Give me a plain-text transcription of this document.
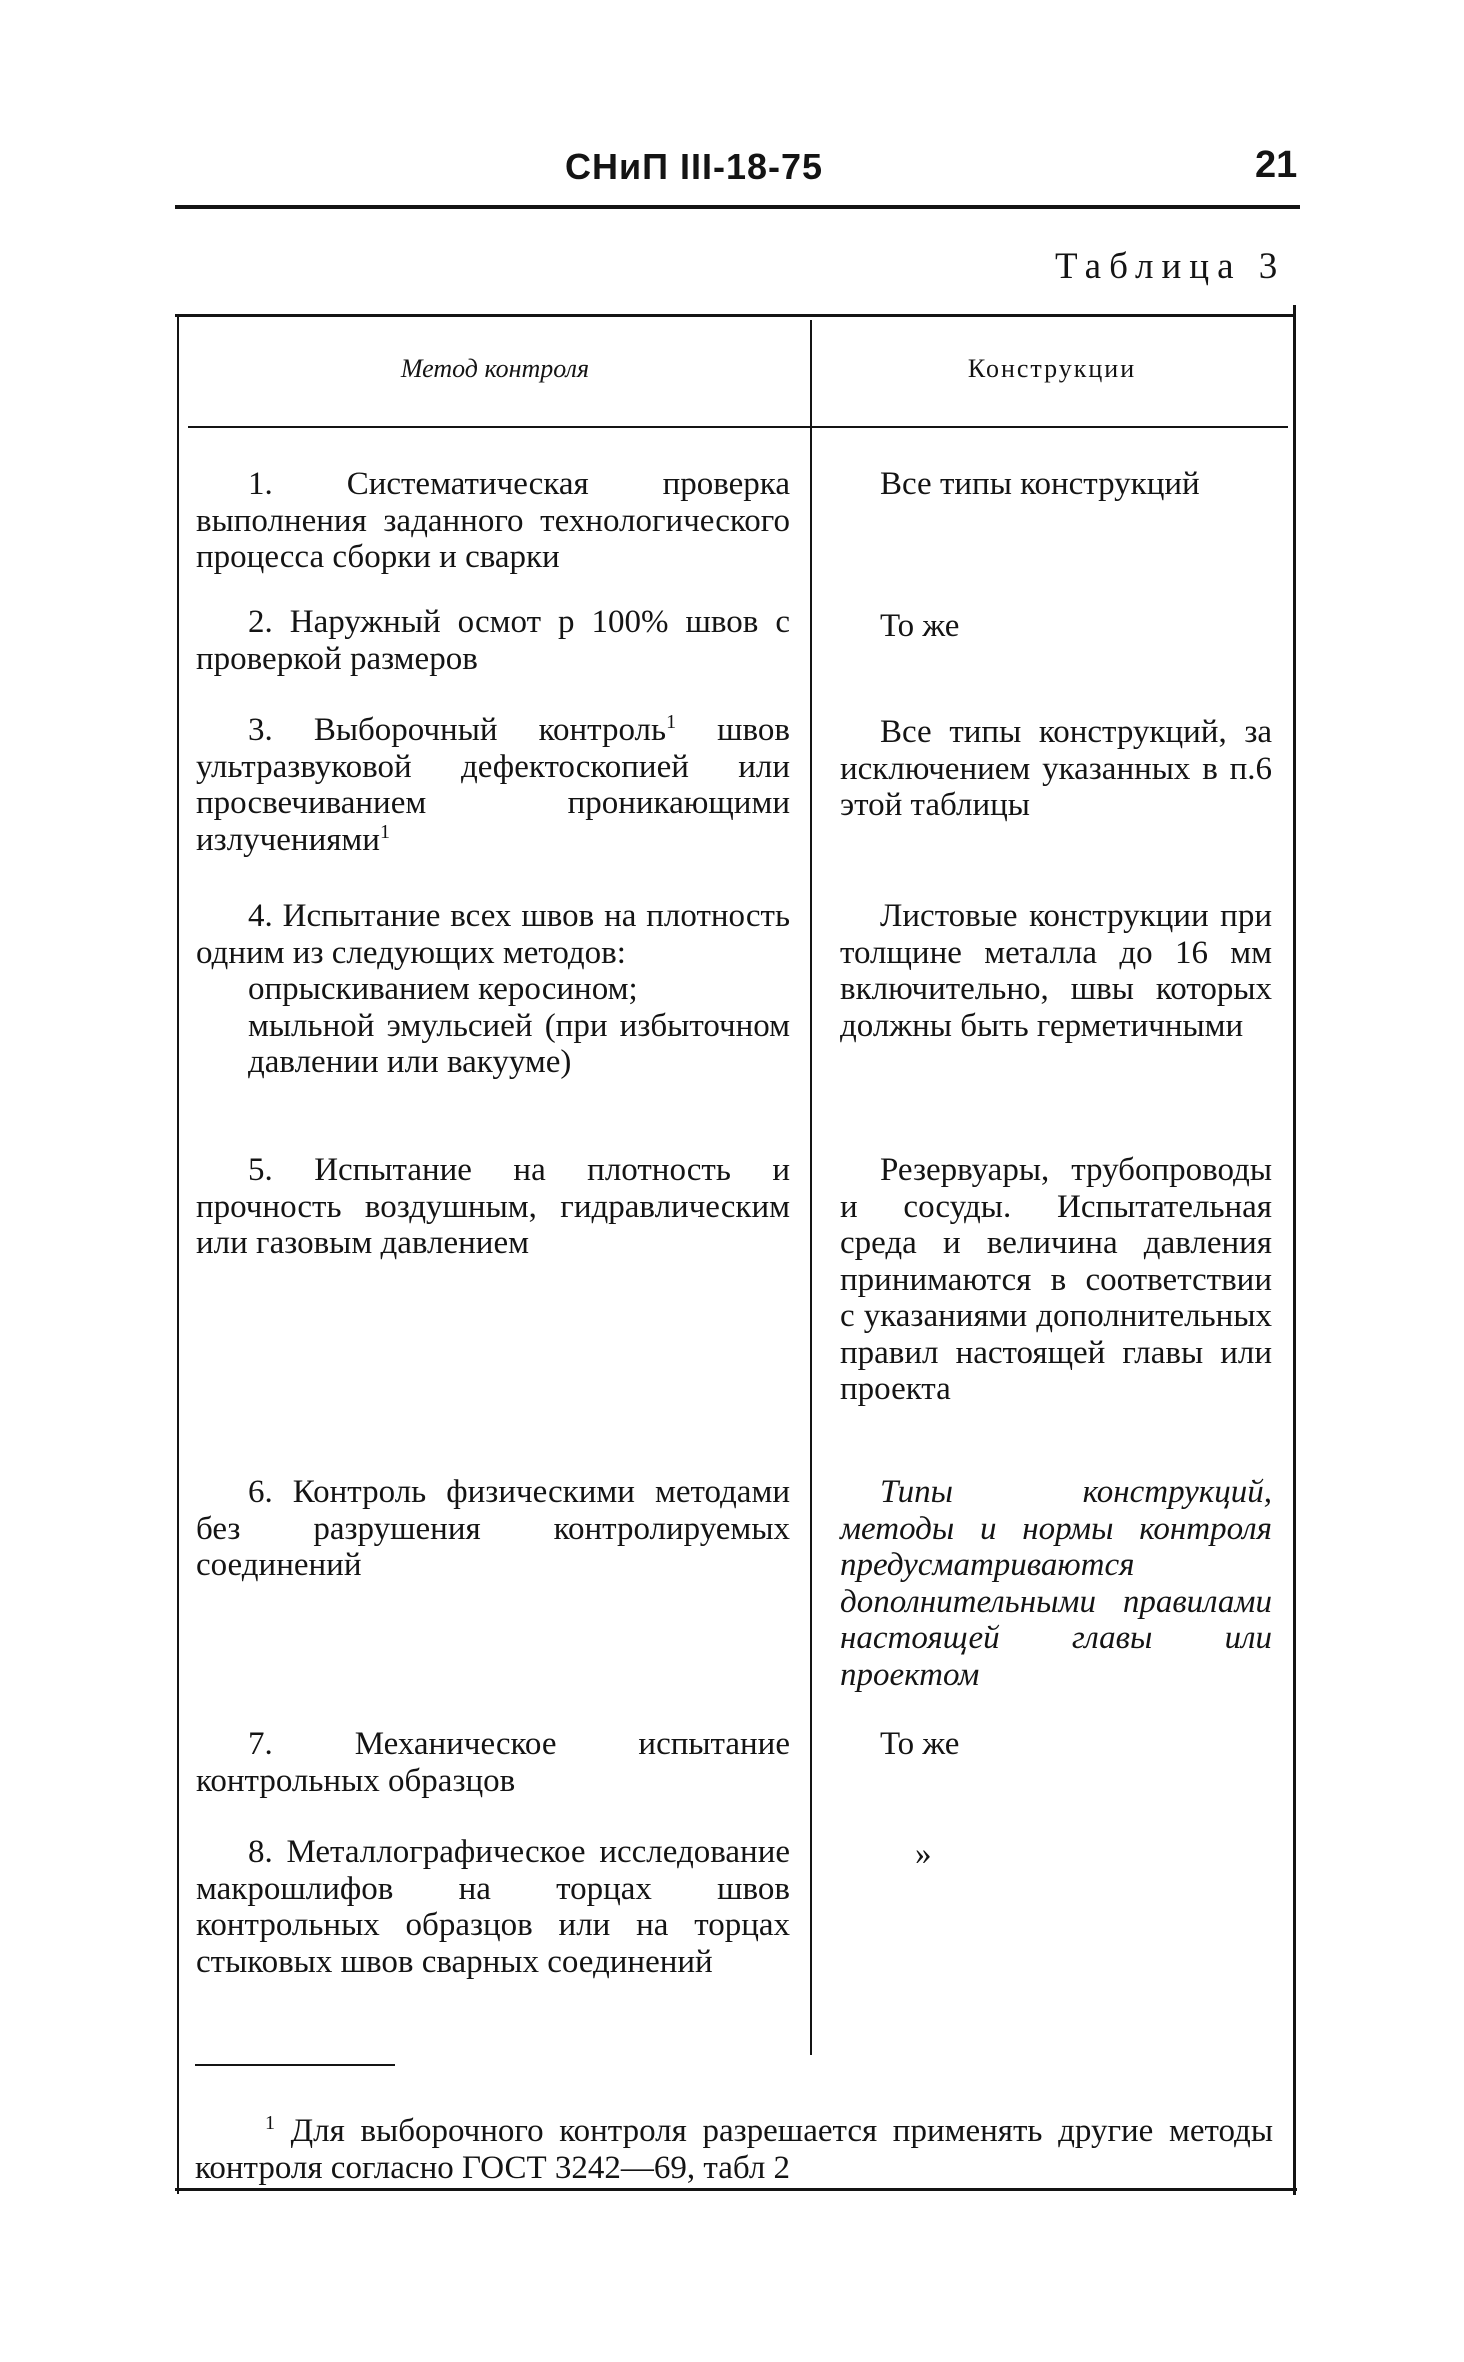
СНиП III-18-75	21
Таблица 3
Метод контроля	Конструкции

1. Систематическая проверка выполнения заданного технологического процесса сборки и сварки

Все типы конструкций

2. Наружный осмот р 100% швов с проверкой размеров

То же

3. Выборочный контроль$^1$ швов ультразвуковой дефектоскопией или просвечиванием проникающими излучениями$^1$

Все типы конструкций, за исключением указанных в п.6 этой таблицы

4. Испытание всех швов на плотность одним из следующих методов:
опрыскиванием керосином;
мыльной эмульсией (при избыточном давлении или вакууме)

Листовые конструкции при толщине металла до 16 мм включительно, швы которых должны быть герметичными

5. Испытание на плотность и прочность воздушным, гидравлическим или газовым давлением

Резервуары, трубопроводы и сосуды. Испытательная среда и величина давления принимаются в соответствии с указаниями дополнительных правил настоящей главы или проекта

6. Контроль физическими методами без разрушения контролируемых соединений

Типы конструкций, методы и нормы контроля предусматриваются дополнительными правилами настоящей главы или проектом

7. Механическое испытание контрольных образцов

То же

8. Металлографическое исследование макрошлифов на торцах швов контрольных образцов или на торцах стыковых швов сварных соединений

»

$^1$ Для выборочного контроля разрешается применять другие методы контроля согласно ГОСТ 3242—69, табл 2
